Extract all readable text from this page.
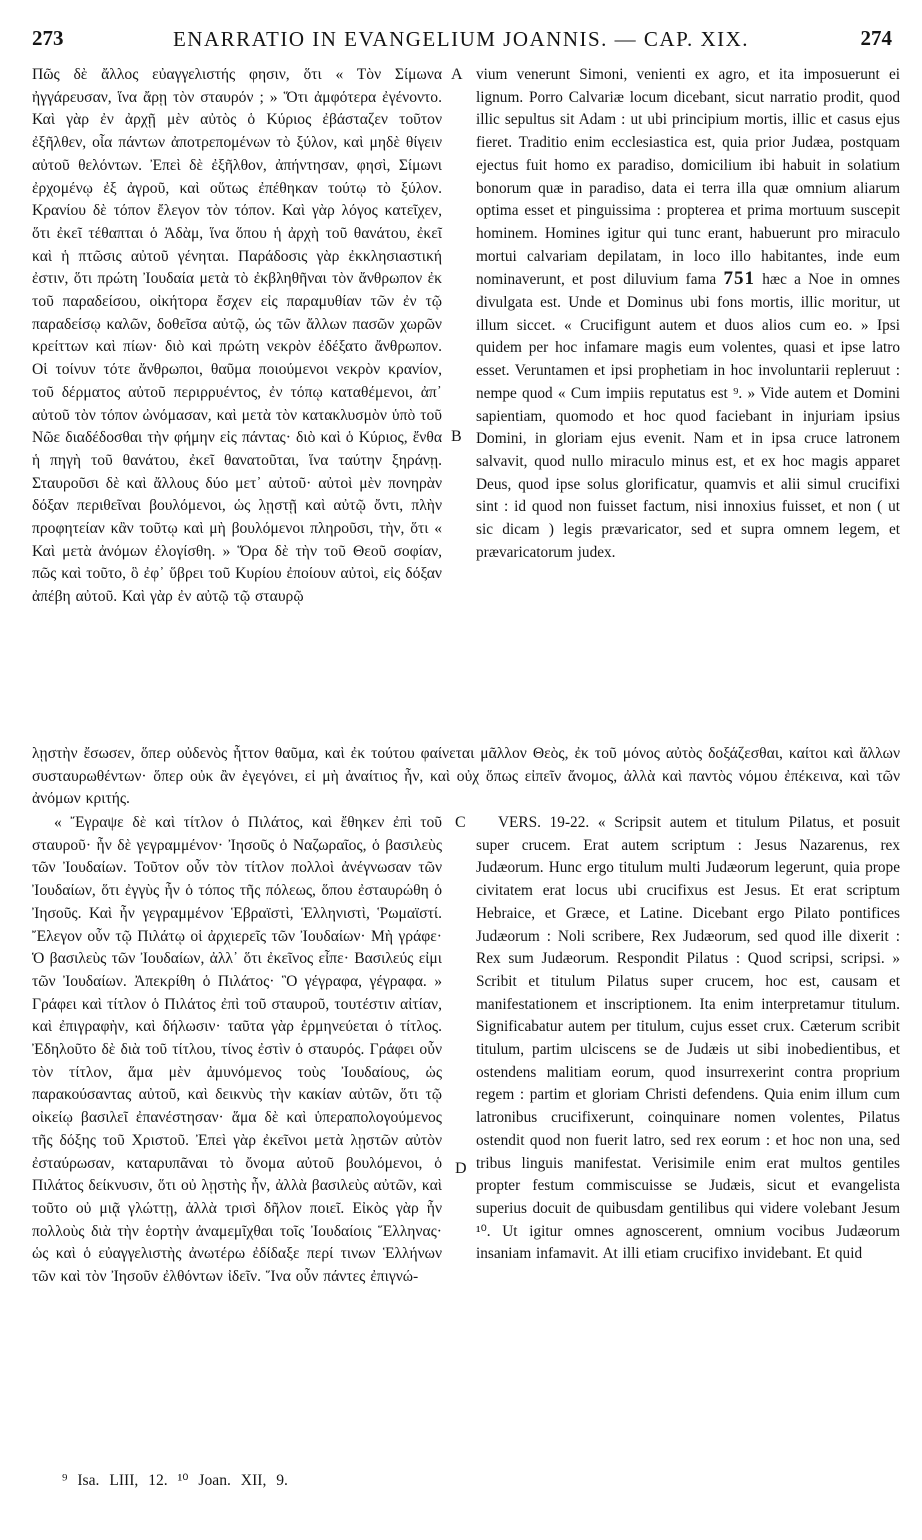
273	ENARRATIO IN EVANGELIUM JOANNIS. — CAP. XIX.	274
A
B
C
D

Πῶς δὲ ἄλλος εὐαγγελιστής φησιν, ὅτι « Τὸν Σίμωνα ἠγγάρευσαν, ἵνα ἄρῃ τὸν σταυρόν ; » Ὅτι ἀμφότερα ἐγένοντο. Καὶ γὰρ ἐν ἀρχῇ μὲν αὐτὸς ὁ Κύριος ἐβάσταζεν τοῦτον ἐξῆλθεν, οἷα πάντων ἀποτρεπομένων τὸ ξύλον, καὶ μηδὲ θίγειν αὐτοῦ θελόντων. Ἐπεὶ δὲ ἐξῆλθον, ἀπήντησαν, φησὶ, Σίμωνι ἐρχομένῳ ἐξ ἀγροῦ, καὶ οὕτως ἐπέθηκαν τούτῳ τὸ ξύλον. Κρανίου δὲ τόπον ἔλεγον τὸν τόπον. Καὶ γὰρ λόγος κατεῖχεν, ὅτι ἐκεῖ τέθαπται ὁ Ἀδὰμ, ἵνα ὅπου ἡ ἀρχὴ τοῦ θανάτου, ἐκεῖ καὶ ἡ πτῶσις αὐτοῦ γένηται. Παράδοσις γὰρ ἐκκλησιαστική ἐστιν, ὅτι πρώτη Ἰουδαία μετὰ τὸ ἐκβληθῆναι τὸν ἄνθρωπον ἐκ τοῦ παραδείσου, οἰκήτορα ἔσχεν εἰς παραμυθίαν τῶν ἐν τῷ παραδείσῳ καλῶν, δοθεῖσα αὐτῷ, ὡς τῶν ἄλλων πασῶν χωρῶν κρείττων καὶ πίων· διὸ καὶ πρώτη νεκρὸν ἐδέξατο ἄνθρωπον. Οἱ τοίνυν τότε ἄνθρωποι, θαῦμα ποιούμενοι νεκρὸν κρανίον, τοῦ δέρματος αὐτοῦ περιρρυέντος, ἐν τόπῳ καταθέμενοι, ἀπ᾽ αὐτοῦ τὸν τόπον ὠνόμασαν, καὶ μετὰ τὸν κατακλυσμὸν ὑπὸ τοῦ Νῶε διαδέδοσθαι τὴν φήμην εἰς πάντας· διὸ καὶ ὁ Κύριος, ἔνθα ἡ πηγὴ τοῦ θανάτου, ἐκεῖ θανατοῦται, ἵνα ταύτην ξηράνῃ. Σταυροῦσι δὲ καὶ ἄλλους δύο μετ᾽ αὐτοῦ· αὐτοὶ μὲν πονηρὰν δόξαν περιθεῖναι βουλόμενοι, ὡς λῃστῇ καὶ αὐτῷ ὄντι, πλὴν προφητείαν κἂν τοῦτῳ καὶ μὴ βουλόμενοι πληροῦσι, τὴν, ὅτι « Καὶ μετὰ ἀνόμων ἐλογίσθη. » Ὅρα δὲ τὴν τοῦ Θεοῦ σοφίαν, πῶς καὶ τοῦτο, ὃ ἐφ᾽ ὕβρει τοῦ Κυρίου ἐποίουν αὐτοὶ, εἰς δόξαν ἀπέβη αὐτοῦ. Καὶ γὰρ ἐν αὐτῷ τῷ σταυρῷ

vium venerunt Simoni, venienti ex agro, et ita imposuerunt ei lignum. Porro Calvariæ locum dicebant, sicut narratio prodit, quod illic sepultus sit Adam : ut ubi principium mortis, illic et casus ejus fieret. Traditio enim ecclesiastica est, quia prior Judæa, postquam ejectus fuit homo ex paradiso, domicilium ibi habuit in solatium bonorum quæ in paradiso, data ei terra illa quæ omnium aliarum optima esset et pinguissima : propterea et prima mortuum suscepit hominem. Homines igitur qui tunc erant, habuerunt pro miraculo mortui calvariam depilatam, in loco illo habitantes, inde eum nominaverunt, et post diluvium fama 751 hæc a Noe in omnes divulgata est. Unde et Dominus ubi fons mortis, illic moritur, ut illum siccet. « Crucifigunt autem et duos alios cum eo. » Ipsi quidem per hoc infamare magis eum volentes, quasi et ipse latro esset. Veruntamen et ipsi prophetiam in hoc involuntarii repleruut : nempe quod « Cum impiis reputatus est ⁹. » Vide autem et Domini sapientiam, quomodo et hoc quod faciebant in injuriam ipsius Domini, in gloriam ejus evenit. Nam et in ipsa cruce latronem salvavit, quod nullo miraculo minus est, et ex hoc magis apparet Deus, quod ipse solus glorificatur, quamvis et alii simul crucifixi sint : id quod non fuisset factum, nisi innoxius fuisset, et non ( ut sic dicam ) legis prævaricator, sed et supra omnem legem, et prævaricatorum judex.

λῃστὴν ἔσωσεν, ὅπερ οὐδενὸς ἧττον θαῦμα, καὶ ἐκ τούτου φαίνεται μᾶλλον Θεὸς, ἐκ τοῦ μόνος αὐτὸς δοξάζεσθαι, καίτοι καὶ ἄλλων συσταυρωθέντων· ὅπερ οὐκ ἂν ἐγεγόνει, εἰ μὴ ἀναίτιος ἦν, καὶ οὐχ ὅπως εἰπεῖν ἄνομος, ἀλλὰ καὶ παντὸς νόμου ἐπέκεινα, καὶ τῶν ἀνόμων κριτής.

« Ἔγραψε δὲ καὶ τίτλον ὁ Πιλάτος, καὶ ἔθηκεν ἐπὶ τοῦ σταυροῦ· ἦν δὲ γεγραμμένον· Ἰησοῦς ὁ Ναζωραῖος, ὁ βασιλεὺς τῶν Ἰουδαίων. Τοῦτον οὖν τὸν τίτλον πολλοὶ ἀνέγνωσαν τῶν Ἰουδαίων, ὅτι ἐγγὺς ἦν ὁ τόπος τῆς πόλεως, ὅπου ἐσταυρώθη ὁ Ἰησοῦς. Καὶ ἦν γεγραμμένον Ἑβραϊστὶ, Ἑλληνιστὶ, Ῥωμαϊστί. Ἔλεγον οὖν τῷ Πιλάτῳ οἱ ἀρχιερεῖς τῶν Ἰουδαίων· Μὴ γράφε· Ὁ βασιλεὺς τῶν Ἰουδαίων, ἀλλ᾽ ὅτι ἐκεῖνος εἶπε· Βασιλεύς εἰμι τῶν Ἰουδαίων. Ἀπεκρίθη ὁ Πιλάτος· Ὃ γέγραφα, γέγραφα. » Γράφει καὶ τίτλον ὁ Πιλάτος ἐπὶ τοῦ σταυροῦ, τουτέστιν αἰτίαν, καὶ ἐπιγραφὴν, καὶ δήλωσιν· ταῦτα γὰρ ἑρμηνεύεται ὁ τίτλος. Ἐδηλοῦτο δὲ διὰ τοῦ τίτλου, τίνος ἐστὶν ὁ σταυρός. Γράφει οὖν τὸν τίτλον, ἅμα μὲν ἀμυνόμενος τοὺς Ἰουδαίους, ὡς παρακούσαντας αὐτοῦ, καὶ δεικνὺς τὴν κακίαν αὐτῶν, ὅτι τῷ οἰκείῳ βασιλεῖ ἐπανέστησαν· ἅμα δὲ καὶ ὑπεραπολογούμενος τῆς δόξης τοῦ Χριστοῦ. Ἐπεὶ γὰρ ἐκεῖνοι μετὰ λῃστῶν αὐτὸν ἐσταύρωσαν, καταρυπᾶναι τὸ ὄνομα αὐτοῦ βουλόμενοι, ὁ Πιλάτος δείκνυσιν, ὅτι οὐ λῃστὴς ἦν, ἀλλὰ βασιλεὺς αὐτῶν, καὶ τοῦτο οὐ μιᾷ γλώττῃ, ἀλλὰ τρισὶ δῆλον ποιεῖ. Εἰκὸς γὰρ ἦν πολλοὺς διὰ τὴν ἑορτὴν ἀναμεμῖχθαι τοῖς Ἰουδαίοις Ἕλληνας· ὡς καὶ ὁ εὐαγγελιστὴς ἀνωτέρω ἐδίδαξε περί τινων Ἑλλήνων τῶν καὶ τὸν Ἰησοῦν ἐλθόντων ἰδεῖν. Ἵνα οὖν πάντες ἐπιγνώ-

VERS. 19-22. « Scripsit autem et titulum Pilatus, et posuit super crucem. Erat autem scriptum : Jesus Nazarenus, rex Judæorum. Hunc ergo titulum multi Judæorum legerunt, quia prope civitatem erat locus ubi crucifixus est Jesus. Et erat scriptum Hebraice, et Græce, et Latine. Dicebant ergo Pilato pontifices Judæorum : Noli scribere, Rex Judæorum, sed quod ille dixerit : Rex sum Judæorum. Respondit Pilatus : Quod scripsi, scripsi. » Scribit et titulum Pilatus super crucem, hoc est, causam et manifestationem et inscriptionem. Ita enim interpretamur titulum. Significabatur autem per titulum, cujus esset crux. Cæterum scribit titulum, partim ulciscens se de Judæis ut sibi inobedientibus, et ostendens malitiam eorum, quod insurrexerint contra proprium regem : partim et gloriam Christi defendens. Quia enim illum cum latronibus crucifixerunt, coinquinare nomen volentes, Pilatus ostendit quod non fuerit latro, sed rex eorum : et hoc non una, sed tribus linguis manifestat. Verisimile enim erat multos gentiles propter festum commiscuisse se Judæis, sicut et evangelista superius docuit de quibusdam gentilibus qui videre volebant Jesum ¹⁰. Ut igitur omnes agnoscerent, omnium vocibus Judæorum insaniam infamavit. At illi etiam crucifixo invidebant. Et quid

⁹ Isa. LIII, 12. ¹⁰ Joan. XII, 9.
